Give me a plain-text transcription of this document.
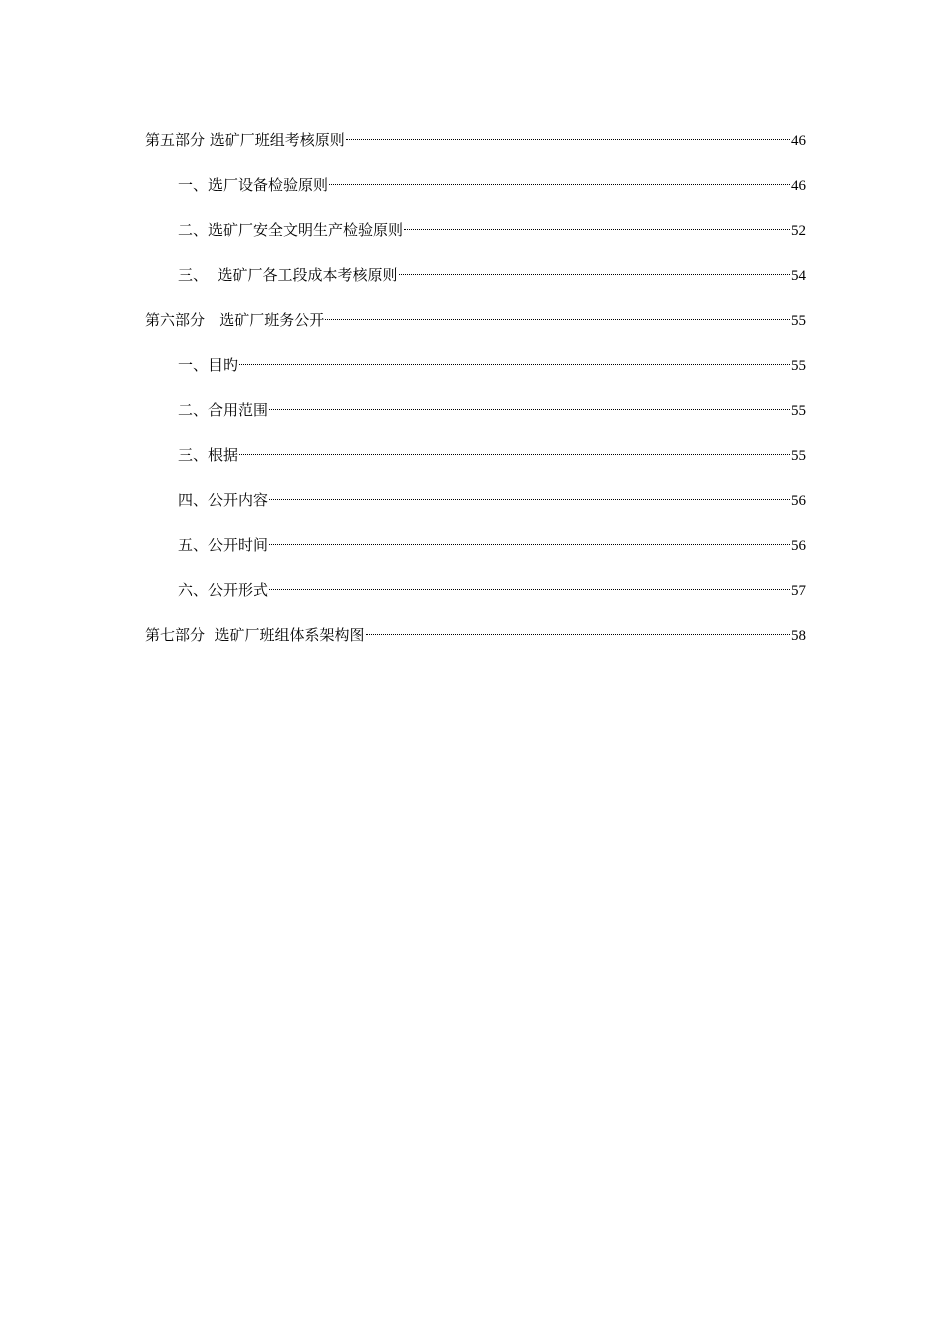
第五部分 选矿厂班组考核原则	46
一、选厂设备检验原则	46
二、选矿厂安全文明生产检验原则	52
三、  选矿厂各工段成本考核原则	54
第六部分   选矿厂班务公开	55
一、目旳	55
二、合用范围	55
三、根据	55
四、公开内容	56
五、公开时间	56
六、公开形式	57
第七部分  选矿厂班组体系架构图	58
